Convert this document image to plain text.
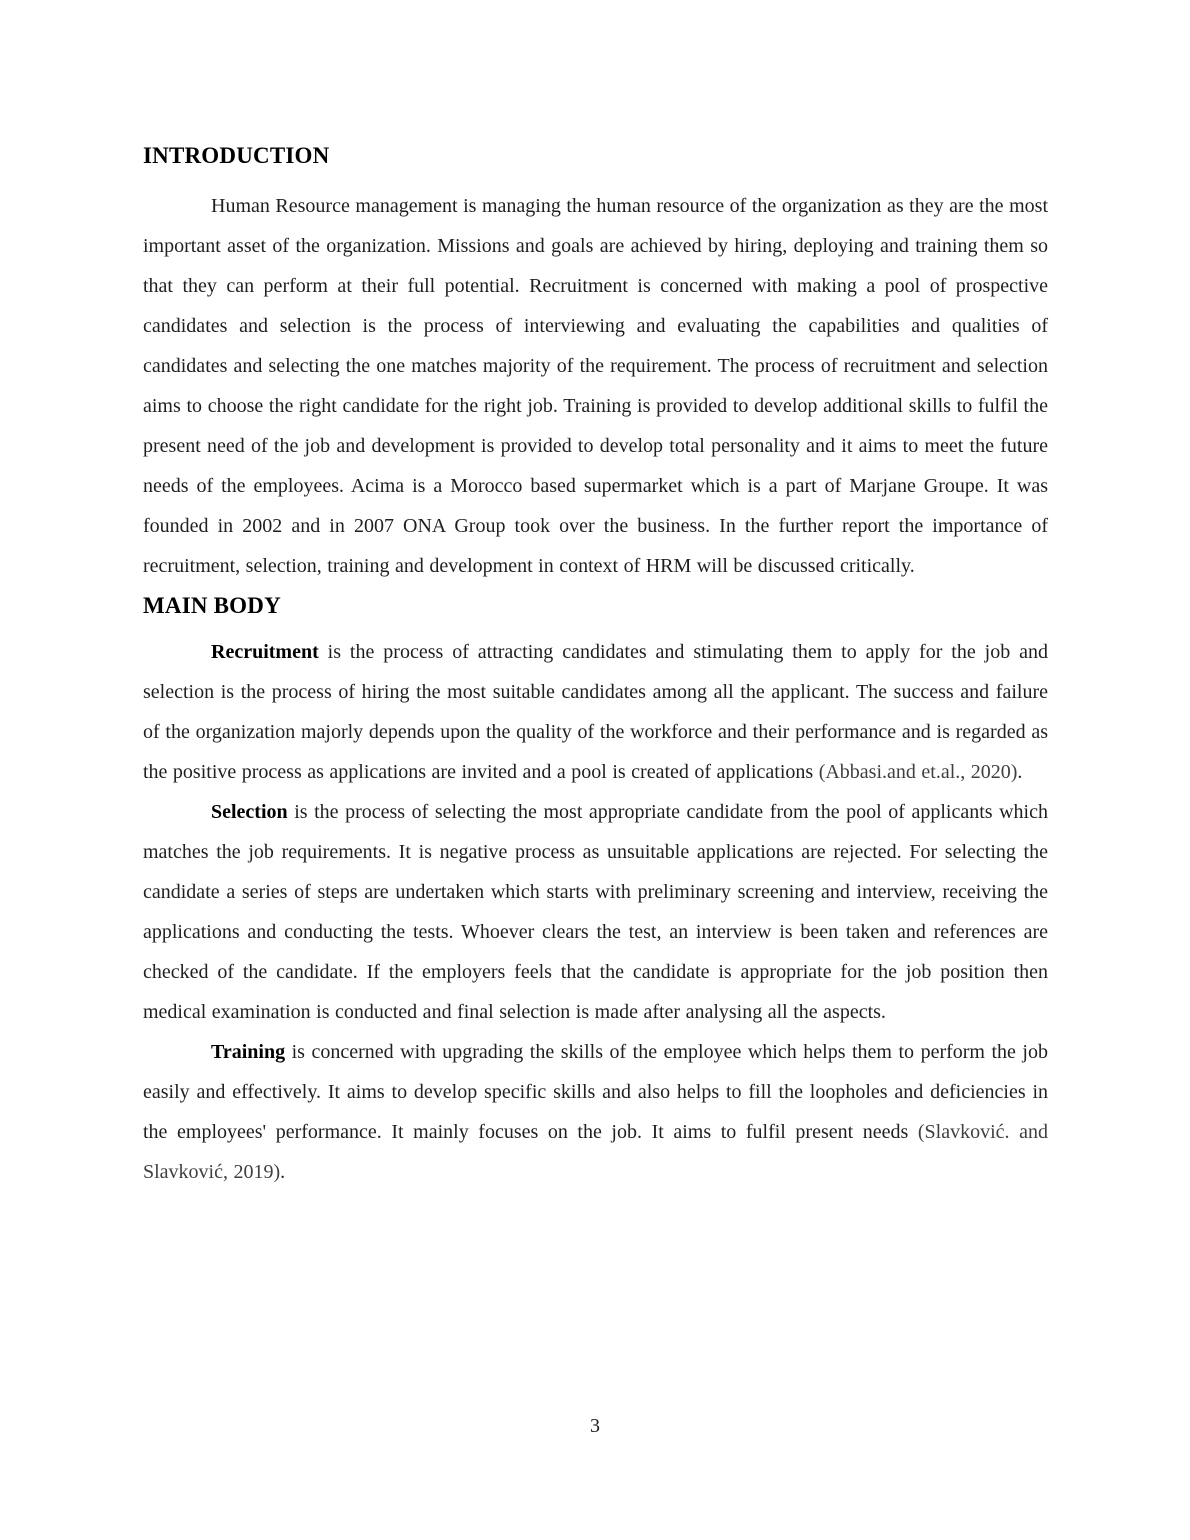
INTRODUCTION

Human Resource management is managing the human resource of the organization as they are the most important asset of the organization. Missions and goals are achieved by hiring, deploying and training them so that they can perform at their full potential. Recruitment is concerned with making a pool of prospective candidates and selection is the process of interviewing and evaluating the capabilities and qualities of candidates and selecting the one matches majority of the requirement. The process of recruitment and selection aims to choose the right candidate for the right job. Training is provided to develop additional skills to fulfil the present need of the job and development is provided to develop total personality and it aims to meet the future needs of the employees. Acima is a Morocco based supermarket which is a part of Marjane Groupe. It was founded in 2002 and in 2007 ONA Group took over the business. In the further report the importance of recruitment, selection, training and development in context of HRM will be discussed critically.

MAIN BODY

Recruitment is the process of attracting candidates and stimulating them to apply for the job and selection is the process of hiring the most suitable candidates among all the applicant. The success and failure of the organization majorly depends upon the quality of the workforce and their performance and is regarded as the positive process as applications are invited and a pool is created of applications (Abbasi.and et.al., 2020).

Selection is the process of selecting the most appropriate candidate from the pool of applicants which matches the job requirements. It is negative process as unsuitable applications are rejected. For selecting the candidate a series of steps are undertaken which starts with preliminary screening and interview, receiving the applications and conducting the tests. Whoever clears the test, an interview is been taken and references are checked of the candidate. If the employers feels that the candidate is appropriate for the job position then medical examination is conducted and final selection is made after analysing all the aspects.

Training is concerned with upgrading the skills of the employee which helps them to perform the job easily and effectively. It aims to develop specific skills and also helps to fill the loopholes and deficiencies in the employees' performance. It mainly focuses on the job. It aims to fulfil present needs (Slavković. and Slavković, 2019).

3
